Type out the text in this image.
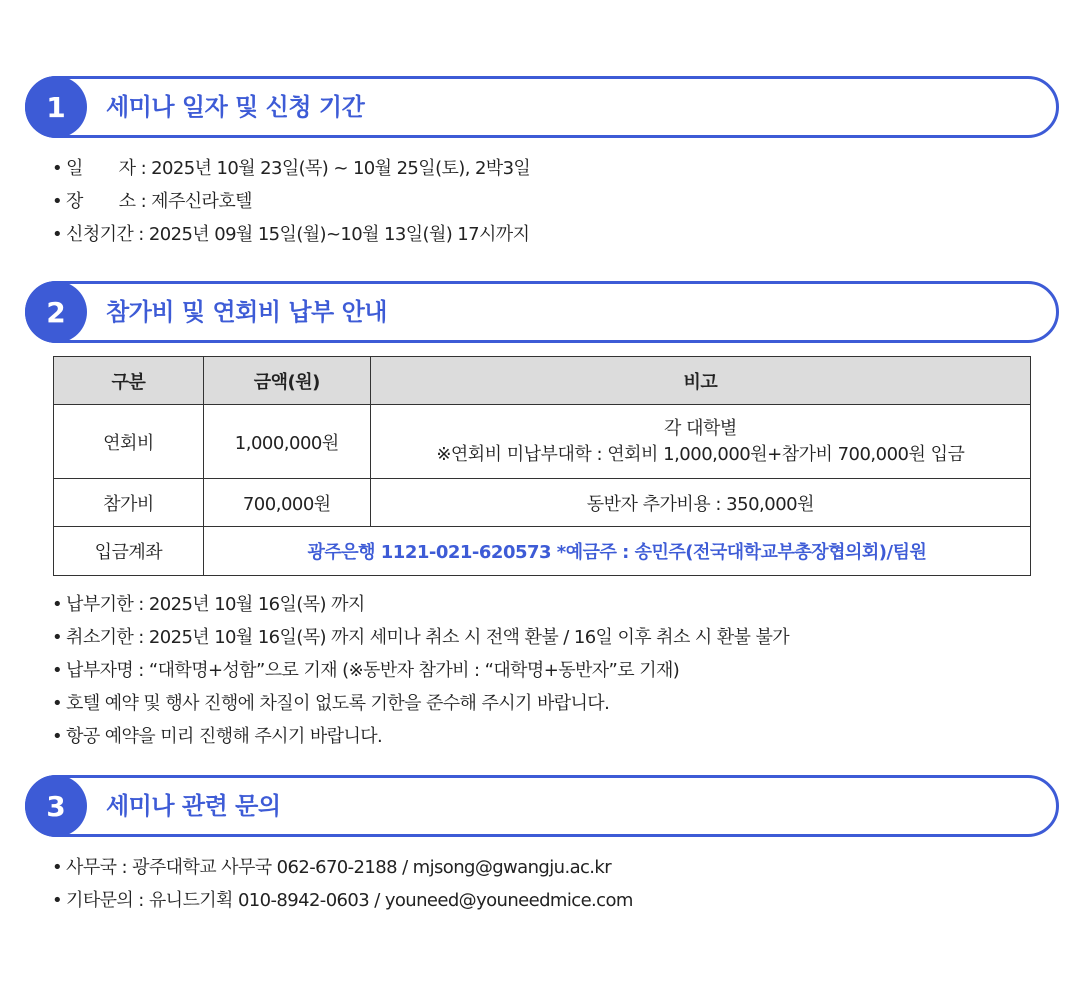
1	세미나 일자 및 신청 기간
• 일       자 : 2025년 10월 23일(목) ~ 10월 25일(토), 2박3일
• 장       소 : 제주신라호텔
• 신청기간 : 2025년 09월 15일(월)~10월 13일(월) 17시까지
2	참가비 및 연회비 납부 안내
구분	금액(원)	비고
연회비	1,000,000원	각 대학별
※연회비 미납부대학 : 연회비 1,000,000원+참가비 700,000원 입금

참가비	700,000원	동반자 추가비용 : 350,000원
입금계좌	광주은행 1121-021-620573 *예금주 : 송민주(전국대학교부총장협의회)/팀원	
• 납부기한 : 2025년 10월 16일(목) 까지
• 취소기한 : 2025년 10월 16일(목) 까지 세미나 취소 시 전액 환불 / 16일 이후 취소 시 환불 불가
• 납부자명 : “대학명+성함”으로 기재 (※동반자 참가비 : “대학명+동반자”로 기재)
• 호텔 예약 및 행사 진행에 차질이 없도록 기한을 준수해 주시기 바랍니다.
• 항공 예약을 미리 진행해 주시기 바랍니다.
3	세미나 관련 문의
• 사무국 : 광주대학교 사무국 062-670-2188 / mjsong@gwangju.ac.kr
• 기타문의 : 유니드기획 010-8942-0603 / youneed@youneedmice.com
